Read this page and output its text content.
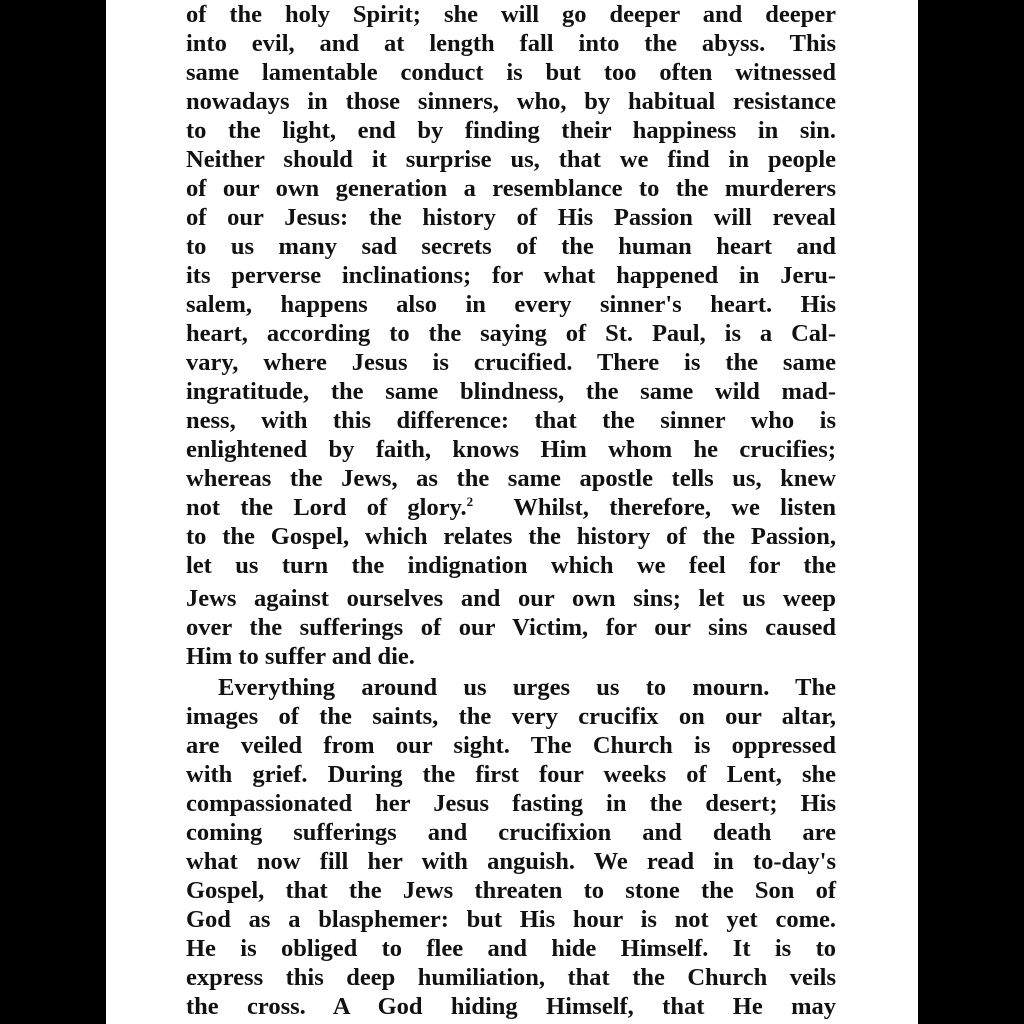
of the holy Spirit; she will go deeper and deeper
into evil, and at length fall into the abyss. This
same lamentable conduct is but too often witnessed
nowadays in those sinners, who, by habitual resistance
to the light, end by finding their happiness in sin.
Neither should it surprise us, that we find in people
of our own generation a resemblance to the murderers
of our Jesus: the history of His Passion will reveal
to us many sad secrets of the human heart and
its perverse inclinations; for what happened in Jeru-
salem, happens also in every sinner's heart. His
heart, according to the saying of St. Paul, is a Cal-
vary, where Jesus is crucified. There is the same
ingratitude, the same blindness, the same wild mad-
ness, with this difference: that the sinner who is
enlightened by faith, knows Him whom he crucifies;
whereas the Jews, as the same apostle tells us, knew
not the Lord of glory.$^2$  Whilst, therefore, we listen
to the Gospel, which relates the history of the Passion,
let us turn the indignation which we feel for the
Jews against ourselves and our own sins; let us weep
over the sufferings of our Victim, for our sins caused
Him to suffer and die.
Everything around us urges us to mourn. The
images of the saints, the very crucifix on our altar,
are veiled from our sight. The Church is oppressed
with grief. During the first four weeks of Lent, she
compassionated her Jesus fasting in the desert; His
coming sufferings and crucifixion and death are
what now fill her with anguish. We read in to-day's
Gospel, that the Jews threaten to stone the Son of
God as a blasphemer: but His hour is not yet come.
He is obliged to flee and hide Himself. It is to
express this deep humiliation, that the Church veils
the cross. A God hiding Himself, that He may
